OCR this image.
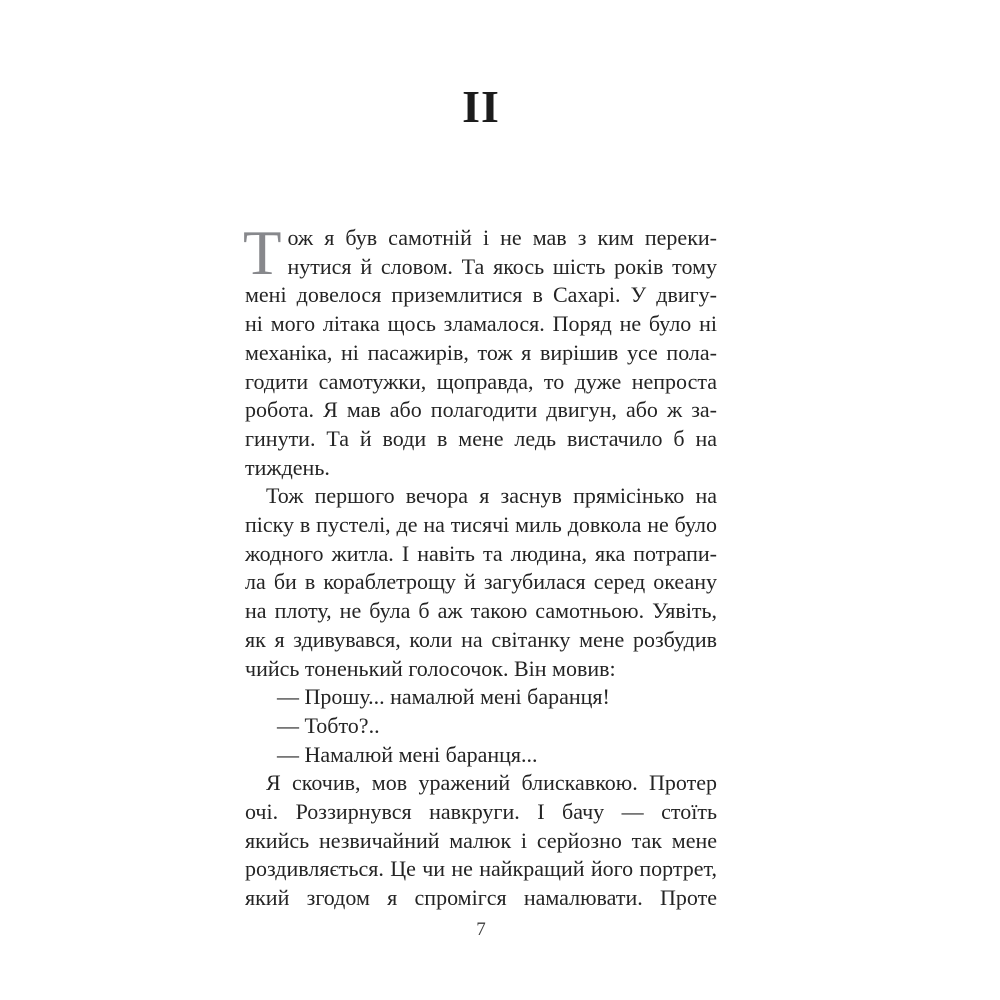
II
Т ож я був самотній і не мав з ким переки-
нутися й словом. Та якось шість років тому
мені довелося приземлитися в Сахарі. У двигу-
ні мого літака щось зламалося. Поряд не було ні
механіка, ні пасажирів, тож я вирішив усе пола-
годити самотужки, щоправда, то дуже непроста
робота. Я мав або полагодити двигун, або ж за-
гинути. Та й води в мене ледь вистачило б на
тиждень.
Тож першого вечора я заснув прямісінько на
піску в пустелі, де на тисячі миль довкола не було
жодного житла. І навіть та людина, яка потрапи-
ла би в кораблетрощу й загубилася серед океану
на плоту, не була б аж такою самотньою. Уявіть,
як я здивувався, коли на світанку мене розбудив
чийсь тоненький голосочок. Він мовив:
— Прошу... намалюй мені баранця!
— Тобто?..
— Намалюй мені баранця...
Я скочив, мов уражений блискавкою. Протер
очі. Роззирнувся навкруги. І бачу — стоїть
якийсь незвичайний малюк і серйозно так мене
роздивляється. Це чи не найкращий його портрет,
який згодом я спромігся намалювати. Проте
7
